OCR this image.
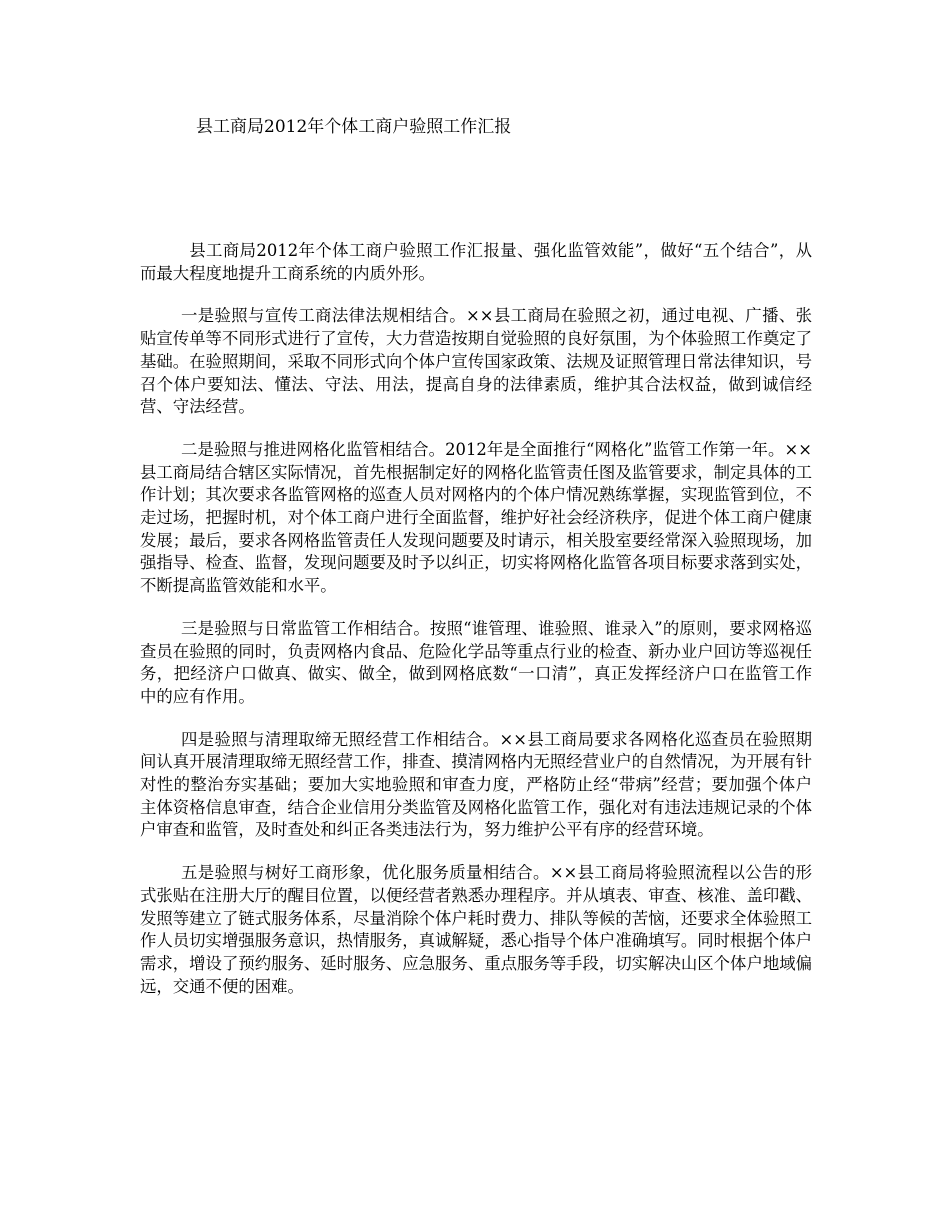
县工商局2012年个体工商户验照工作汇报

县工商局2012年个体工商户验照工作汇报量、强化监管效能”，做好“五个结合”，从而最大程度地提升工商系统的内质外形。

一是验照与宣传工商法律法规相结合。××县工商局在验照之初，通过电视、广播、张贴宣传单等不同形式进行了宣传，大力营造按期自觉验照的良好氛围，为个体验照工作奠定了基础。在验照期间，采取不同形式向个体户宣传国家政策、法规及证照管理日常法律知识，号召个体户要知法、懂法、守法、用法，提高自身的法律素质，维护其合法权益，做到诚信经营、守法经营。

二是验照与推进网格化监管相结合。2012年是全面推行“网格化”监管工作第一年。××县工商局结合辖区实际情况，首先根据制定好的网格化监管责任图及监管要求，制定具体的工作计划；其次要求各监管网格的巡查人员对网格内的个体户情况熟练掌握，实现监管到位，不走过场，把握时机，对个体工商户进行全面监督，维护好社会经济秩序，促进个体工商户健康发展；最后，要求各网格监管责任人发现问题要及时请示，相关股室要经常深入验照现场，加强指导、检查、监督，发现问题要及时予以纠正，切实将网格化监管各项目标要求落到实处，不断提高监管效能和水平。

三是验照与日常监管工作相结合。按照“谁管理、谁验照、谁录入”的原则，要求网格巡查员在验照的同时，负责网格内食品、危险化学品等重点行业的检查、新办业户回访等巡视任务，把经济户口做真、做实、做全，做到网格底数“一口清”，真正发挥经济户口在监管工作中的应有作用。

四是验照与清理取缔无照经营工作相结合。××县工商局要求各网格化巡查员在验照期间认真开展清理取缔无照经营工作，排查、摸清网格内无照经营业户的自然情况，为开展有针对性的整治夯实基础；要加大实地验照和审查力度，严格防止经“带病”经营；要加强个体户主体资格信息审查，结合企业信用分类监管及网格化监管工作，强化对有违法违规记录的个体户审查和监管，及时查处和纠正各类违法行为，努力维护公平有序的经营环境。

五是验照与树好工商形象，优化服务质量相结合。××县工商局将验照流程以公告的形式张贴在注册大厅的醒目位置，以便经营者熟悉办理程序。并从填表、审查、核准、盖印戳、发照等建立了链式服务体系，尽量消除个体户耗时费力、排队等候的苦恼，还要求全体验照工作人员切实增强服务意识，热情服务，真诚解疑，悉心指导个体户准确填写。同时根据个体户需求，增设了预约服务、延时服务、应急服务、重点服务等手段，切实解决山区个体户地域偏远，交通不便的困难。
